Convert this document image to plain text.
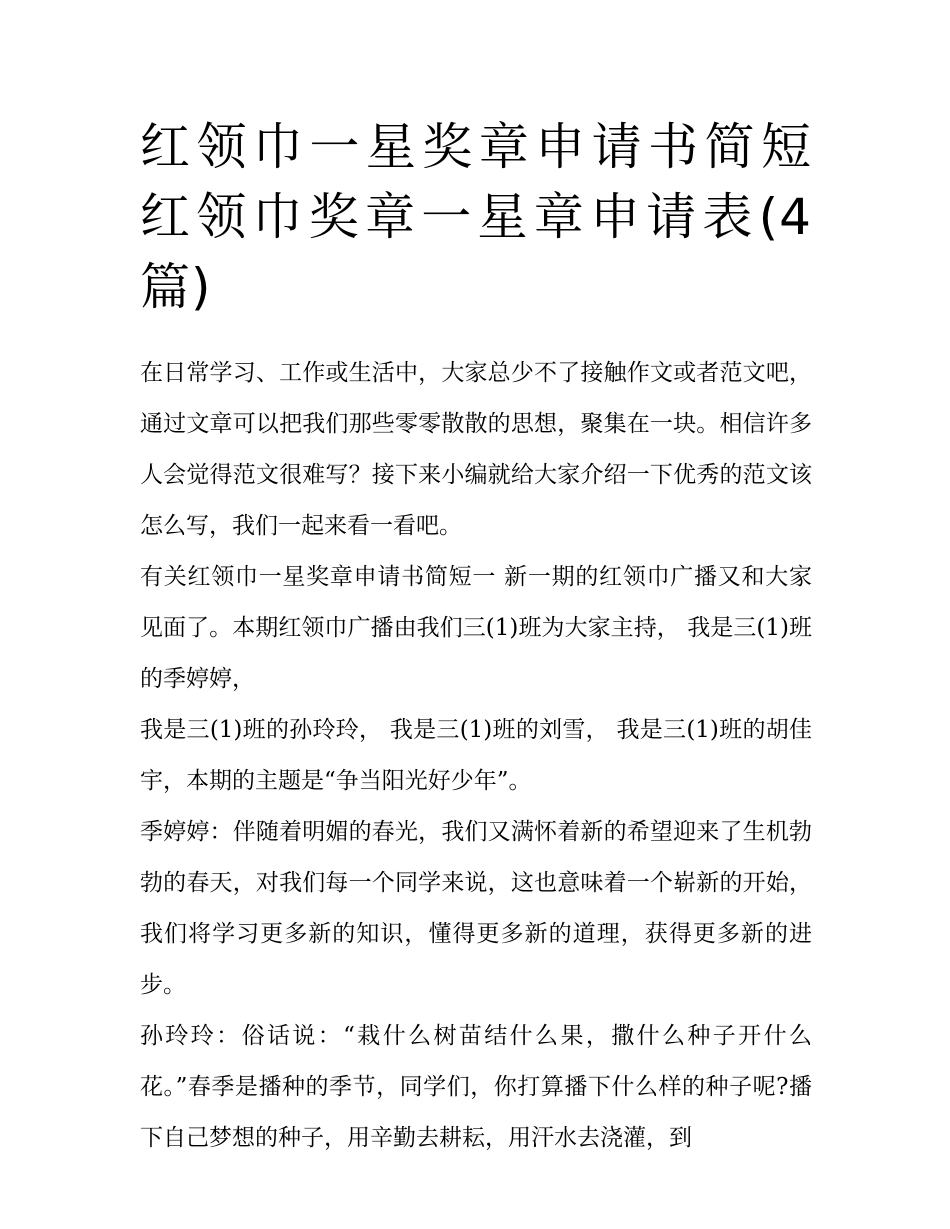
红领巾一星奖章申请书简短 红领巾奖章一星章申请表(4篇)

在日常学习、工作或生活中，大家总少不了接触作文或者范文吧，通过文章可以把我们那些零零散散的思想，聚集在一块。相信许多人会觉得范文很难写？接下来小编就给大家介绍一下优秀的范文该怎么写，我们一起来看一看吧。

有关红领巾一星奖章申请书简短一 新一期的红领巾广播又和大家见面了。本期红领巾广播由我们三(1)班为大家主持， 我是三(1)班的季婷婷，

我是三(1)班的孙玲玲， 我是三(1)班的刘雪， 我是三(1)班的胡佳宇，本期的主题是“争当阳光好少年”。

季婷婷：伴随着明媚的春光，我们又满怀着新的希望迎来了生机勃勃的春天，对我们每一个同学来说，这也意味着一个崭新的开始，我们将学习更多新的知识，懂得更多新的道理，获得更多新的进步。

孙玲玲：俗话说：“栽什么树苗结什么果，撒什么种子开什么花。”春季是播种的季节，同学们，你打算播下什么样的种子呢?播下自己梦想的种子，用辛勤去耕耘，用汗水去浇灌，到
